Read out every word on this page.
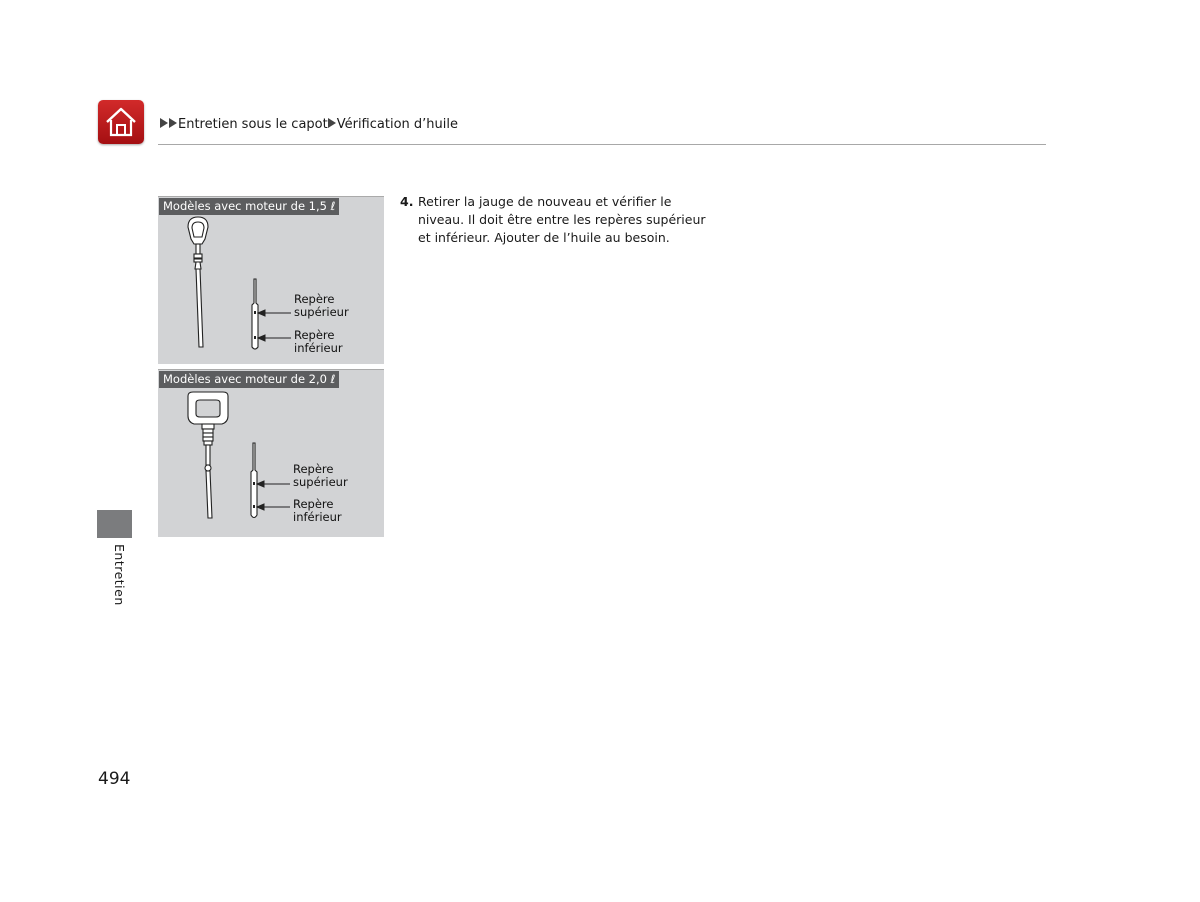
Entretien sous le capot Vérification d’huile
Modèles avec moteur de 1,5 ℓ
Repère
supérieur
Repère
inférieur
Modèles avec moteur de 2,0 ℓ
Repère
supérieur
Repère
inférieur
4. Retirer la jauge de nouveau et vérifier le niveau. Il doit être entre les repères supérieur et inférieur. Ajouter de l’huile au besoin.
Entretien
494
